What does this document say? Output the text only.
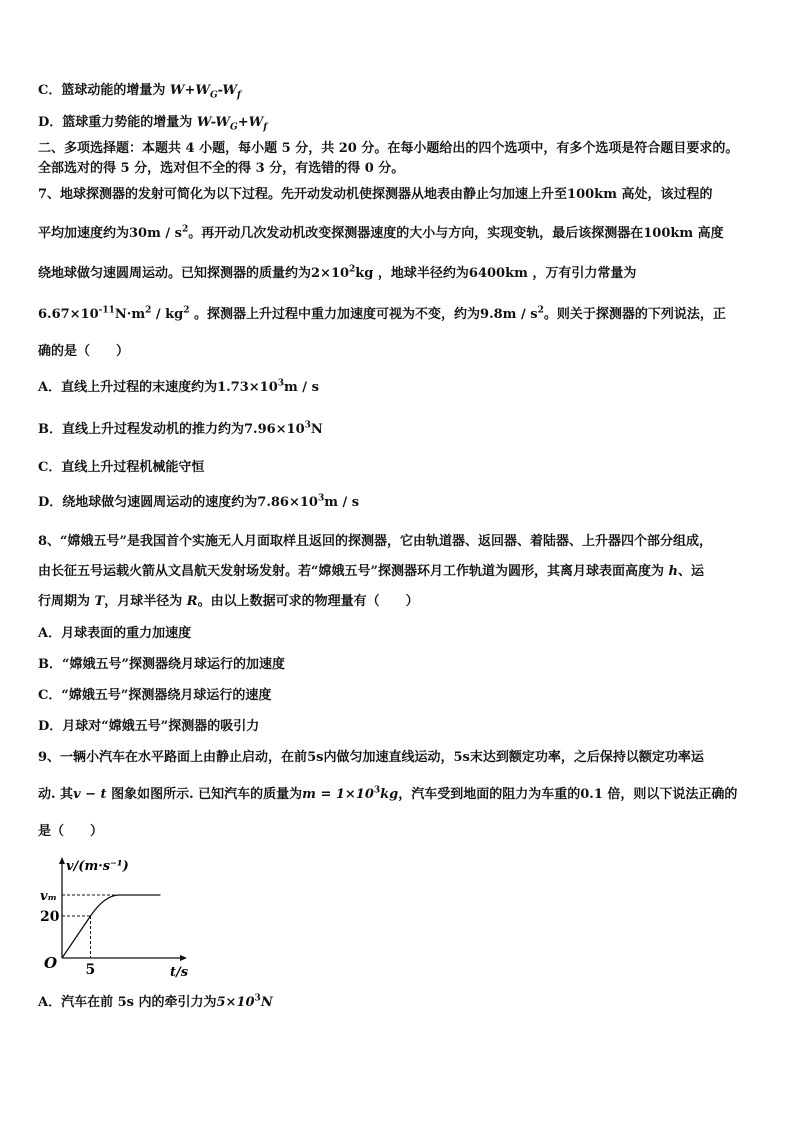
C．篮球动能的增量为 $W+W_G-W_f$
D．篮球重力势能的增量为 $W-W_G+W_f$
二、多项选择题：本题共 4 小题，每小题 5 分，共 20 分。在每小题给出的四个选项中，有多个选项是符合题目要求的。
全部选对的得 5 分，选对但不全的得 3 分，有选错的得 0 分。
7、地球探测器的发射可简化为以下过程。先开动发动机使探测器从地表由静止匀加速上升至100km 高处，该过程的
平均加速度约为$30m / s^2$。再开动几次发动机改变探测器速度的大小与方向，实现变轨，最后该探测器在100km 高度
绕地球做匀速圆周运动。已知探测器的质量约为$2\times 10^2kg$ ，地球半径约为6400km ，万有引力常量为
$6.67\times 10^{-11}N\cdot m^2 / kg^2$ 。探测器上升过程中重力加速度可视为不变，约为$9.8m / s^2$。则关于探测器的下列说法，正
确的是（　　）
A．直线上升过程的末速度约为$1.73\times 10^3m / s$
B．直线上升过程发动机的推力约为$7.96\times 10^3N$
C．直线上升过程机械能守恒
D．绕地球做匀速圆周运动的速度约为$7.86\times 10^3m / s$
8、“嫦娥五号”是我国首个实施无人月面取样且返回的探测器，它由轨道器、返回器、着陆器、上升器四个部分组成，
由长征五号运载火箭从文昌航天发射场发射。若“嫦娥五号”探测器环月工作轨道为圆形，其离月球表面高度为 h、运
行周期为 T，月球半径为 R。由以上数据可求的物理量有（　　）
A．月球表面的重力加速度
B．“嫦娥五号”探测器绕月球运行的加速度
C．“嫦娥五号”探测器绕月球运行的速度
D．月球对“嫦娥五号”探测器的吸引力
9、一辆小汽车在水平路面上由静止启动，在前5s内做匀加速直线运动，5s末达到额定功率，之后保持以额定功率运
动. 其v − t 图象如图所示. 已知汽车的质量为$m = 1\times 10^3kg$，汽车受到地面的阻力为车重的0.1 倍，则以下说法正确的
是（　　）
v/(m·s⁻¹)
t/s
O 5
20
vₘ
A．汽车在前 5s 内的牵引力为$5\times 10^3N$
